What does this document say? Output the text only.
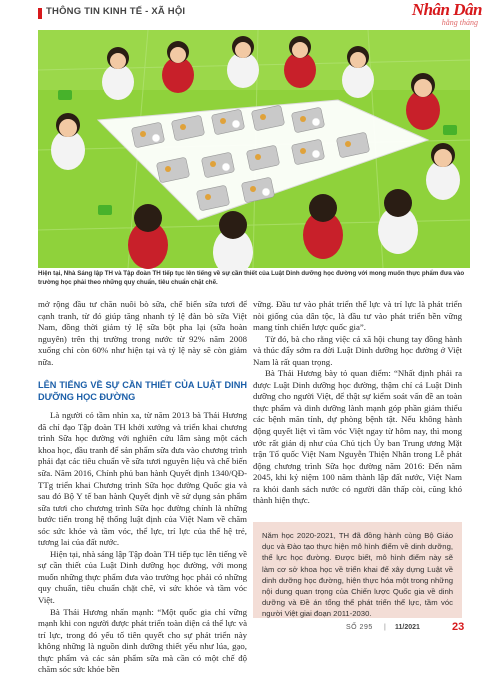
THÔNG TIN KINH TẾ - XÃ HỘI	Nhân Dân
hằng tháng
Hiện tại, Nhà Sáng lập TH và Tập đoàn TH tiếp tục lên tiếng về sự cần thiết của Luật Dinh dưỡng học đường với mong muốn thực phẩm đưa vào trường học phải theo những quy chuẩn, tiêu chuẩn chặt chẽ.

mở rộng đầu tư chăn nuôi bò sữa, chế biến sữa tươi để cạnh tranh, từ đó giúp tăng nhanh tỷ lệ đàn bò sữa Việt Nam, đồng thời giảm tỷ lệ sữa bột pha lại (sữa hoàn nguyên) trên thị trường trong nước từ 92% năm 2008 xuống chỉ còn 60% như hiện tại và tỷ lệ này sẽ còn giảm nữa.

LÊN TIẾNG VỀ SỰ CẦN THIẾT CỦA LUẬT DINH DƯỠNG HỌC ĐƯỜNG

Là người có tầm nhìn xa, từ năm 2013 bà Thái Hương đã chỉ đạo Tập đoàn TH khởi xướng và triển khai chương trình Sữa học đường với nghiên cứu lâm sàng một cách khoa học, đầu tranh để sản phẩm sữa đưa vào chương trình phải đạt các tiêu chuẩn về sữa tươi nguyên liệu và chế biến sữa. Năm 2016, Chính phủ ban hành Quyết định 1340/QĐ-TTg triển khai Chương trình Sữa học đường Quốc gia và sau đó Bộ Y tế ban hành Quyết định về sử dụng sản phẩm sữa tươi cho chương trình Sữa học đường chính là những bước tiến trong hệ thống luật định của Việt Nam về chăm sóc sức khỏe và tầm vóc, thể lực, trí lực của thế hệ trẻ, tương lai của đất nước.

Hiện tại, nhà sáng lập Tập đoàn TH tiếp tục lên tiếng về sự cần thiết của Luật Dinh dưỡng học đường, với mong muốn những thực phẩm đưa vào trường học phải có những quy chuẩn, tiêu chuẩn chặt chẽ, vì sức khỏe và tầm vóc Việt.

Bà Thái Hương nhấn mạnh: “Một quốc gia chỉ vững mạnh khi con người được phát triển toàn diện cả thể lực và trí lực, trong đó yếu tố tiên quyết cho sự phát triển này không những là nguồn dinh dưỡng thiết yếu như lúa, gạo, thực phẩm và các sản phẩm sữa mà cần có một chế độ chăm sóc sức khỏe bền

vững. Đầu tư vào phát triển thể lực và trí lực là phát triển nòi giống của dân tộc, là đầu tư vào phát triển bền vững mang tính chiến lược quốc gia”.

Từ đó, bà cho rằng việc cả xã hội chung tay đồng hành và thúc đẩy sớm ra đời Luật Dinh dưỡng học đường ở Việt Nam là rất quan trọng.

Bà Thái Hương bày tỏ quan điểm: “Nhất định phải ra được Luật Dinh dưỡng học đường, thậm chí cả Luật Dinh dưỡng cho người Việt, để thật sự kiểm soát vấn đề an toàn thực phẩm và dinh dưỡng lành mạnh góp phần giảm thiểu các bệnh mãn tính, dự phòng bệnh tật. Nếu không hành động quyết liệt vì tầm vóc Việt ngay từ hôm nay, thì mong ước rất giản dị như của Chủ tịch Ủy ban Trung ương Mặt trận Tổ quốc Việt Nam Nguyễn Thiện Nhân trong Lễ phát động chương trình Sữa học đường năm 2016: Đến năm 2045, khi kỷ niệm 100 năm thành lập đất nước, Việt Nam ra khỏi danh sách nước có người dân thấp còi, cũng khó thành hiện thực.

Năm học 2020-2021, TH đã đồng hành cùng Bộ Giáo dục và Đào tạo thực hiện mô hình điểm về dinh dưỡng, thể lực học đường. Được biết, mô hình điểm này sẽ làm cơ sở khoa học về triển khai để xây dựng Luật về dinh dưỡng học đường, hiện thực hóa một trong những nội dung quan trọng của Chiến lược Quốc gia về dinh dưỡng và Đề án tổng thể phát triển thể lực, tầm vóc người Việt giai đoạn 2011-2030.
SỐ 295 | 11/2021	23
